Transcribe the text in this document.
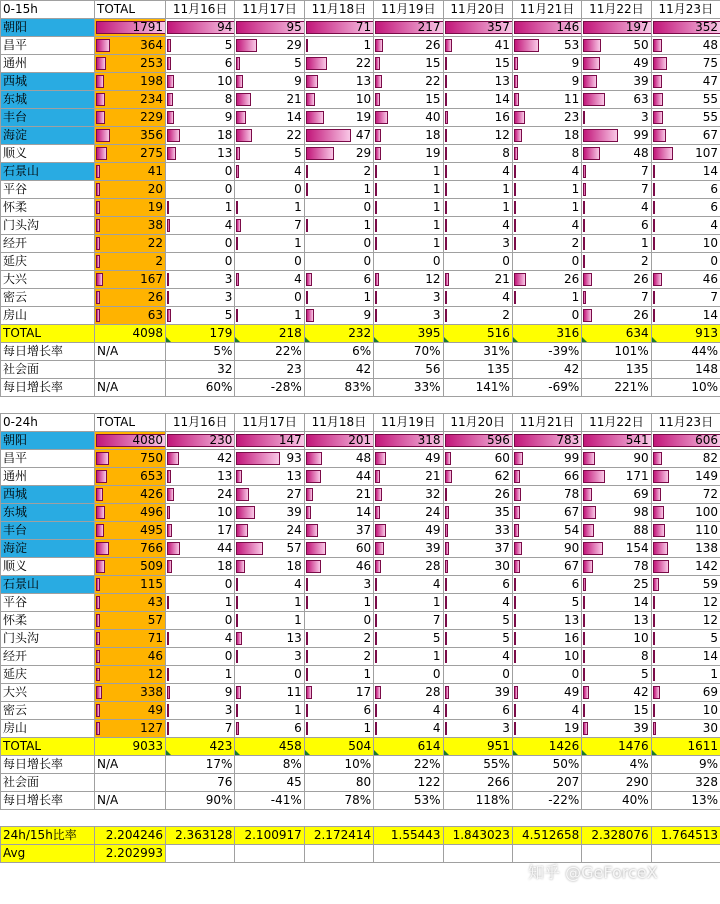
0-15h	TOTAL	11月16日	11月17日	11月18日	11月19日	11月20日	11月21日	11月22日	11月23日
朝阳	1791	94	95	71	217	357	146	197	352
昌平	364	5	29	1	26	41	53	50	48
通州	253	6	5	22	15	15	9	49	75
西城	198	10	9	13	22	13	9	39	47
东城	234	8	21	10	15	14	11	63	55
丰台	229	9	14	19	40	16	23	3	55
海淀	356	18	22	47	18	12	18	99	67
顺义	275	13	5	29	19	8	8	48	107
石景山	41	0	4	2	1	4	4	7	14
平谷	20	0	0	1	1	1	1	7	6
怀柔	19	1	1	0	1	1	1	4	6
门头沟	38	4	7	1	1	4	4	6	4
经开	22	0	1	0	1	3	2	1	10
延庆	2	0	0	0	0	0	0	2	0
大兴	167	3	4	6	12	21	26	26	46
密云	26	3	0	1	3	4	1	7	7
房山	63	5	1	9	3	2	0	26	14
TOTAL	4098	179	218	232	395	516	316	634	913
每日增长率	N/A	5%	22%	6%	70%	31%	-39%	101%	44%
社会面		32	23	42	56	135	42	135	148
每日增长率	N/A	60%	-28%	83%	33%	141%	-69%	221%	10%

0-24h	TOTAL	11月16日	11月17日	11月18日	11月19日	11月20日	11月21日	11月22日	11月23日
朝阳	4080	230	147	201	318	596	783	541	606
昌平	750	42	93	48	49	60	99	90	82
通州	653	13	13	44	21	62	66	171	149
西城	426	24	27	21	32	26	78	69	72
东城	496	10	39	14	24	35	67	98	100
丰台	495	17	24	37	49	33	54	88	110
海淀	766	44	57	60	39	37	90	154	138
顺义	509	18	18	46	28	30	67	78	142
石景山	115	0	4	3	4	6	6	25	59
平谷	43	1	1	1	1	4	5	14	12
怀柔	57	0	1	0	7	5	13	13	12
门头沟	71	4	13	2	5	5	16	10	5
经开	46	0	3	2	1	4	10	8	14
延庆	12	1	0	1	0	0	0	5	1
大兴	338	9	11	17	28	39	49	42	69
密云	49	3	1	6	4	6	4	15	10
房山	127	7	6	1	4	3	19	39	30
TOTAL	9033	423	458	504	614	951	1426	1476	1611
每日增长率	N/A	17%	8%	10%	22%	55%	50%	4%	9%
社会面		76	45	80	122	266	207	290	328
每日增长率	N/A	90%	-41%	78%	53%	118%	-22%	40%	13%

24h/15h比率	2.204246	2.363128	2.100917	2.172414	1.55443	1.843023	4.512658	2.328076	1.764513
Avg	2.202993								
知乎 @GeForceX
